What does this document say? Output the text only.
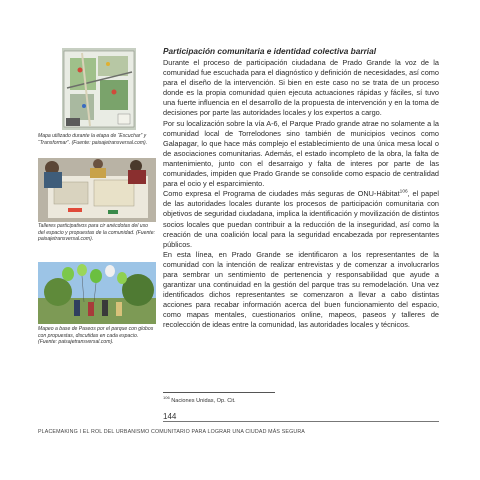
Mapa utilizado durante la etapa de “Escuchar” y “Transformar”. (Fuente: paisajetransversal.com).
Talleres participativos para cir anécdotas del uso del espacio y propuestas de la comunidad. (Fuente: paisajetransversal.com).
Mapeo a base de Paseos por el parque con globos con propuestas, discutidas en cada espacio. (Fuente: paisajetransversal.com).
Participación comunitaria e identidad colectiva barrial

Durante el proceso de participación ciudadana de Prado Grande la voz de la comunidad fue escuchada para el diagnóstico y definición de necesidades, así como para el diseño de la intervención. Si bien en este caso no se trata de un proceso donde es la propia comunidad quien ejecuta actuaciones rápidas y fáciles, sí tuvo una fuerte influencia en el desarrollo de la propuesta de intervención y en la toma de decisiones por parte las autoridades locales y los expertos a cargo.

Por su localización sobre la vía A-6, el Parque Prado grande atrae no solamente a la comunidad local de Torrelodones sino también de municipios vecinos como Galapagar, lo que hace más complejo el establecimiento de una única mesa local o de asociaciones comunitarias. Además, el estado incompleto de la obra, la falta de mantenimiento, junto con el desarraigo y falta de interes por parte de las comunidades, impiden que Prado Grande se consolide como espacio de centralidad para el ocio y el esparcimiento.

Como expresa el Programa de ciudades más seguras de ONU-Hábitat$^{106}$, el papel de las autoridades locales durante los procesos de participación comunitaria con objetivos de seguridad ciudadana, implica la identificación y movilización de distintos socios locales que puedan contribuir a la reducción de la inseguridad, así como la creación de una coalición local para la seguridad encabezada por representantes públicos.

En esta línea, en Prado Grande se identificaron a los representantes de la comunidad con la intención de realizar entrevistas y de comenzar a involucrarlos para sembrar un sentimiento de pertenencia y responsabilidad que ayude a garantizar una continuidad en la gestión del parque tras su remodelación. Una vez identificados dichos representantes se comenzaron a llevar a cabo distintas acciones para recabar información acerca del buen funcionamiento del espacio, como mapas mentales, cuestionarios online, mapeos, paseos y talleres de recolección de ideas entre la comunidad, las autoridades locales y técnicos.

$^{106}$ Naciones Unidas, Op. Cit.
144
PLACEMAKING I EL ROL DEL URBANISMO COMUNITARIO PARA LOGRAR UNA CIUDAD MÁS SEGURA
